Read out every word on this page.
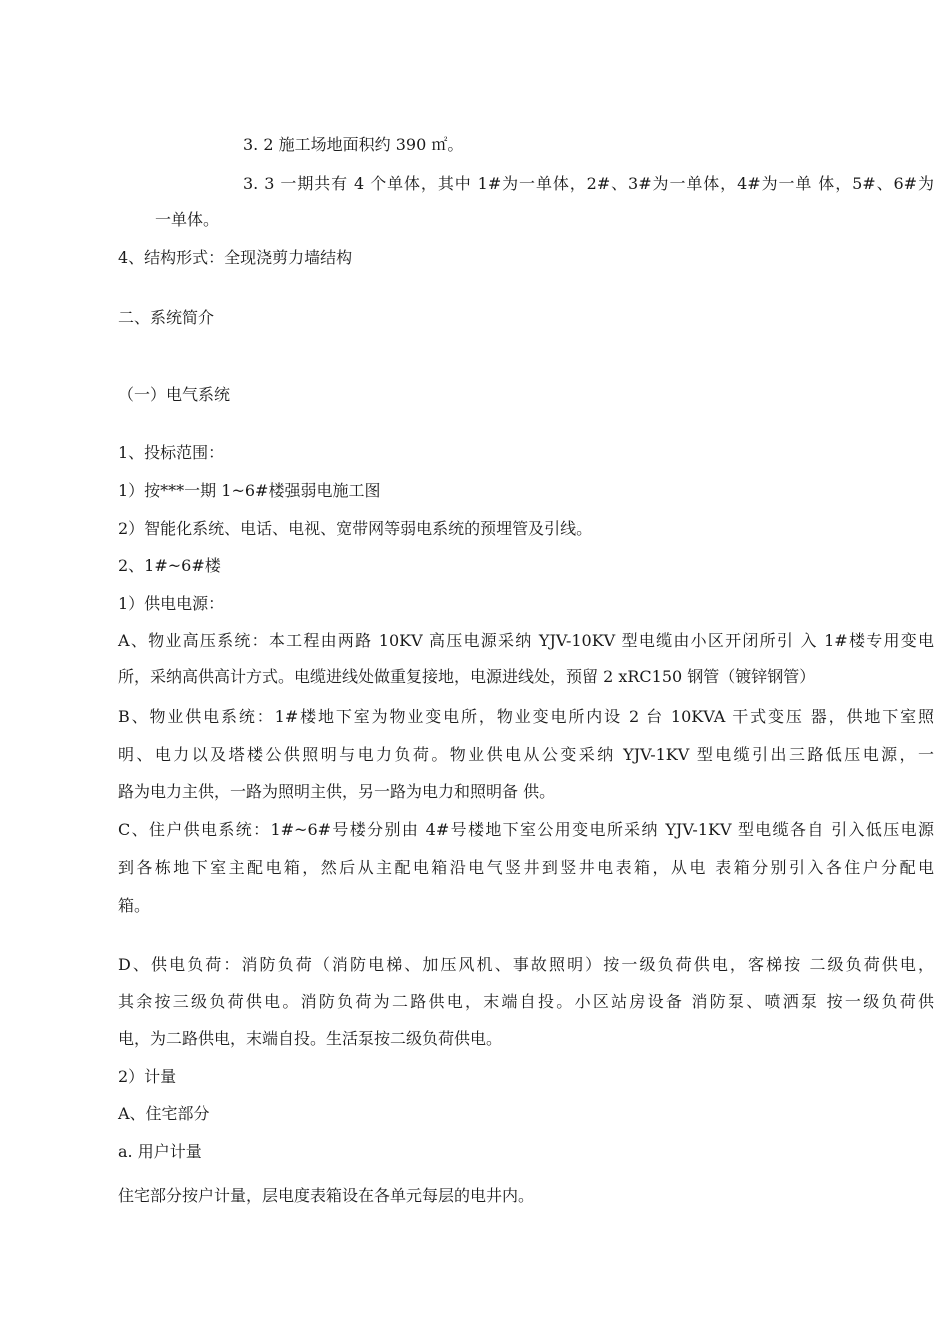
3. 2 施工场地面积约 390 ㎡。
3. 3 一期共有 4 个单体，其中 1#为一单体，2#、3#为一单体，4#为一单 体，5#、6#为
一单体。
4、结构形式：全现浇剪力墙结构
二、系统简介
（一）电气系统
1、投标范围：
1）按***一期 1~6#楼强弱电施工图
2）智能化系统、电话、电视、宽带网等弱电系统的预埋管及引线。
2、1#~6#楼
1）供电电源：
A、物业高压系统：本工程由两路 10KV 高压电源采纳 YJV-10KV 型电缆由小区开闭所引 入 1#楼专用变电
所，采纳高供高计方式。电缆进线处做重复接地，电源进线处，预留 2 xRC150 钢管（镀锌钢管）
B、物业供电系统：1#楼地下室为物业变电所，物业变电所内设 2 台 10KVA 干式变压 器，供地下室照
明、电力以及塔楼公供照明与电力负荷。物业供电从公变采纳 YJV-1KV 型电缆引出三路低压电源，一
路为电力主供，一路为照明主供，另一路为电力和照明备 供。
C、住户供电系统：1#~6#号楼分别由 4#号楼地下室公用变电所采纳 YJV-1KV 型电缆各自 引入低压电源
到各栋地下室主配电箱，然后从主配电箱沿电气竖井到竖井电表箱，从电 表箱分别引入各住户分配电
箱。
D、供电负荷：消防负荷（消防电梯、加压风机、事故照明）按一级负荷供电，客梯按 二级负荷供电，
其余按三级负荷供电。消防负荷为二路供电，末端自投。小区站房设备 消防泵、喷洒泵 按一级负荷供
电，为二路供电，末端自投。生活泵按二级负荷供电。
2）计量
A、住宅部分
a. 用户计量
住宅部分按户计量，层电度表箱设在各单元每层的电井内。
